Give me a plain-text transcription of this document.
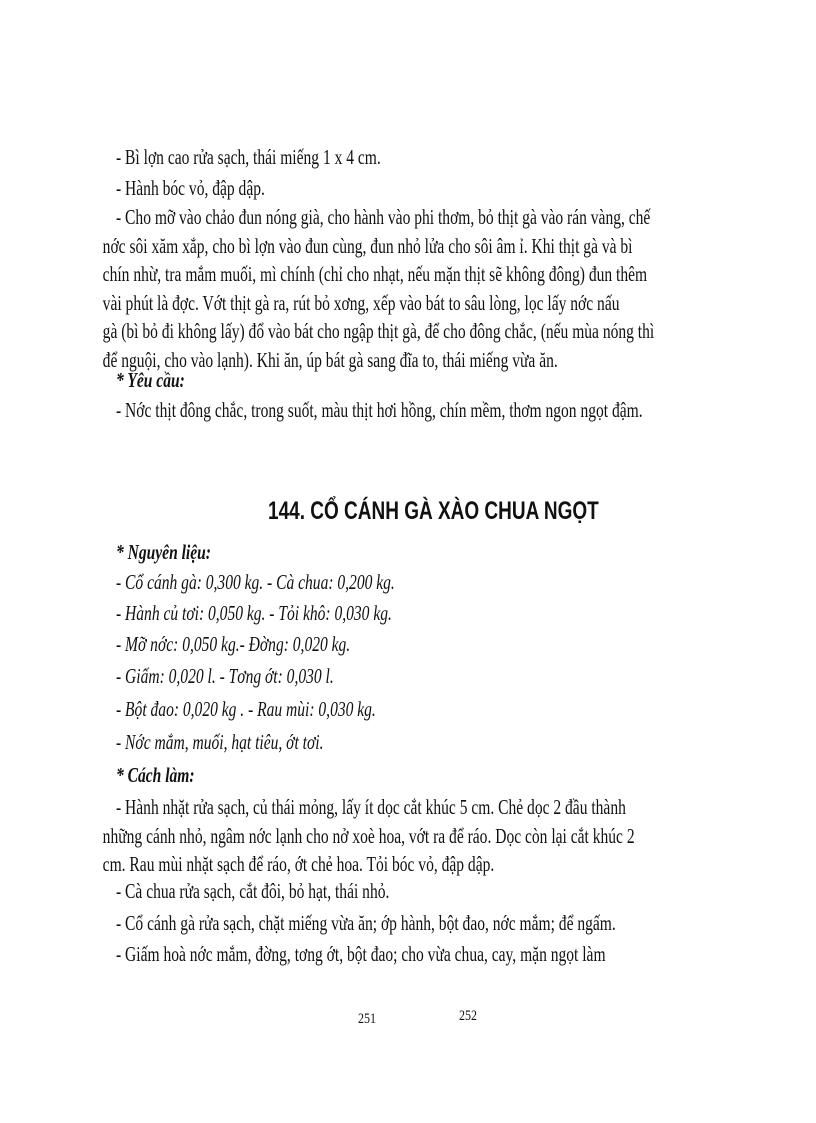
- Bì lợn cao rửa sạch, thái miếng 1 x 4 cm.
- Hành bóc vỏ, đập dập.
- Cho mỡ vào chảo đun nóng già, cho hành vào phi thơm, bỏ thịt gà vào rán vàng, chế
nớc sôi xăm xắp, cho bì lợn vào đun cùng, đun nhỏ lửa cho sôi âm ỉ. Khi thịt gà và bì
chín nhừ, tra mắm muối, mì chính (chỉ cho nhạt, nếu mặn thịt sẽ không đông) đun thêm
vài phút là đợc. Vớt thịt gà ra, rút bỏ xơng, xếp vào bát to sâu lòng, lọc lấy nớc nấu
gà (bì bỏ đi không lấy) đổ vào bát cho ngập thịt gà, để cho đông chắc, (nếu mùa nóng thì
để nguội, cho vào lạnh). Khi ăn, úp bát gà sang đĩa to, thái miếng vừa ăn.
* Yêu cầu:
- Nớc thịt đông chắc, trong suốt, màu thịt hơi hồng, chín mềm, thơm ngon ngọt đậm.
144. CỔ CÁNH GÀ XÀO CHUA NGỌT
* Nguyên liệu:
- Cổ cánh gà: 0,300 kg. - Cà chua: 0,200 kg.
- Hành củ tơi: 0,050 kg. - Tỏi khô: 0,030 kg.
- Mỡ nớc: 0,050 kg.- Đờng: 0,020 kg.
- Giấm: 0,020 l. - Tơng ớt: 0,030 l.
- Bột đao: 0,020 kg . - Rau mùi: 0,030 kg.
- Nớc mắm, muối, hạt tiêu, ớt tơi.
* Cách làm:
- Hành nhặt rửa sạch, củ thái mỏng, lấy ít dọc cắt khúc 5 cm. Chẻ dọc 2 đầu thành
những cánh nhỏ, ngâm nớc lạnh cho nở xoè hoa, vớt ra để ráo. Dọc còn lại cắt khúc 2
cm. Rau mùi nhặt sạch để ráo, ớt chẻ hoa. Tỏi bóc vỏ, đập dập.
- Cà chua rửa sạch, cắt đôi, bỏ hạt, thái nhỏ.
- Cổ cánh gà rửa sạch, chặt miếng vừa ăn; ớp hành, bột đao, nớc mắm; để ngấm.
- Giấm hoà nớc mắm, đờng, tơng ớt, bột đao; cho vừa chua, cay, mặn ngọt làm
251	252
